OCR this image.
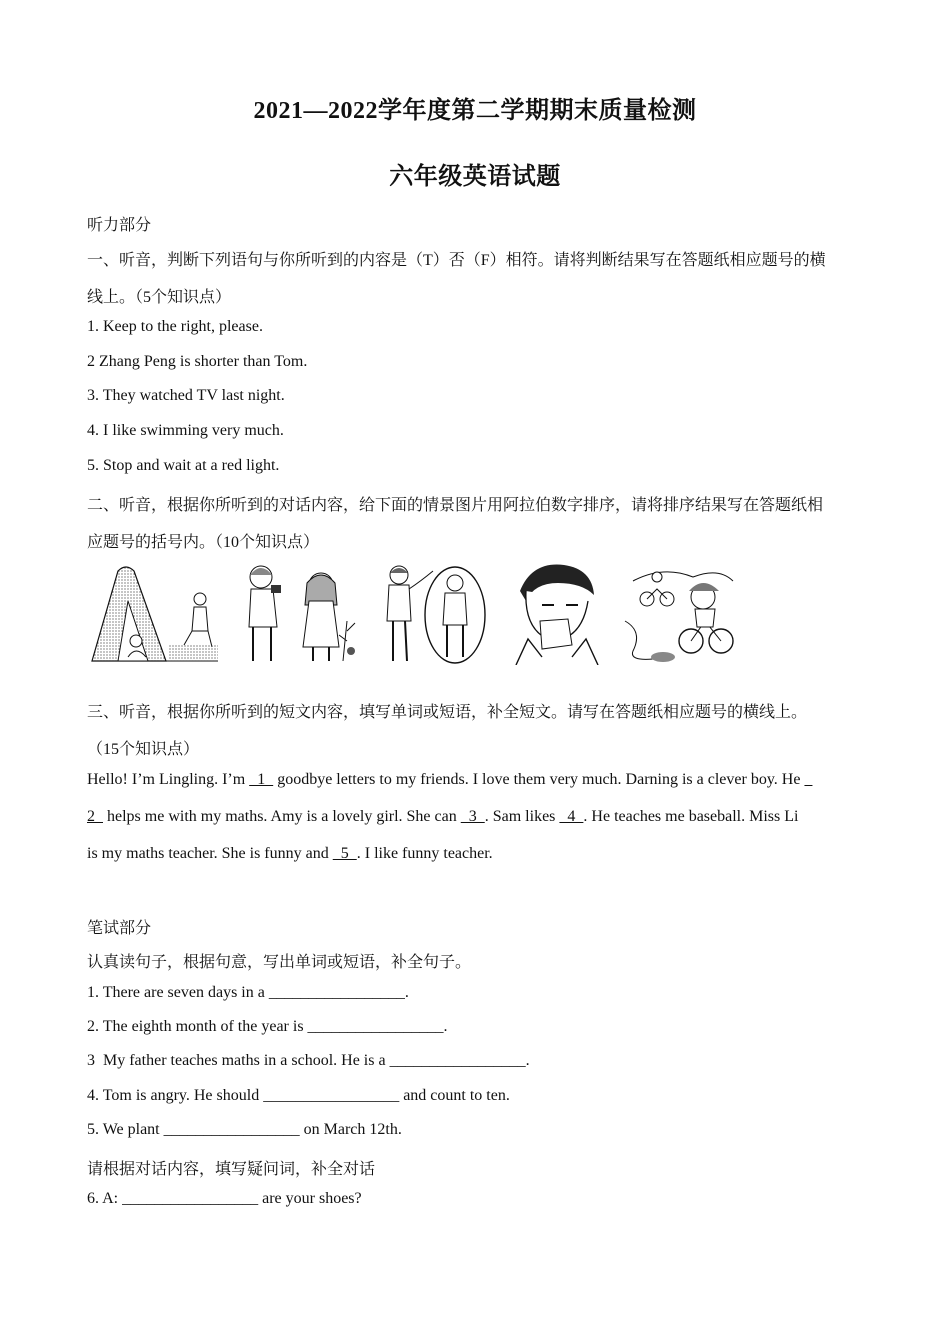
2021—2022学年度第二学期期末质量检测
六年级英语试题
听力部分
一、听音，判断下列语句与你所听到的内容是（T）否（F）相符。请将判断结果写在答题纸相应题号的横
线上。（5个知识点）
1. Keep to the right, please.
2 Zhang Peng is shorter than Tom.
3. They watched TV last night.
4. I like swimming very much.
5. Stop and wait at a red light.
二、听音，根据你所听到的对话内容，给下面的情景图片用阿拉伯数字排序，请将排序结果写在答题纸相
应题号的括号内。（10个知识点）
三、听音，根据你所听到的短文内容，填写单词或短语，补全短文。请写在答题纸相应题号的横线上。
（15个知识点）
Hello! I’m Lingling. I’m   1   goodbye letters to my friends. I love them very much. Darning is a clever boy. He
2   helps me with my maths. Amy is a lovely girl. She can   3  . Sam likes   4  . He teaches me baseball. Miss Li
is my maths teacher. She is funny and   5  . I like funny teacher.
笔试部分
认真读句子，根据句意，写出单词或短语，补全句子。
1. There are seven days in a _________________.
2. The eighth month of the year is _________________.
3  My father teaches maths in a school. He is a _________________.
4. Tom is angry. He should _________________ and count to ten.
5. We plant _________________ on March 12th.
请根据对话内容，填写疑问词，补全对话
6. A: _________________ are your shoes?
